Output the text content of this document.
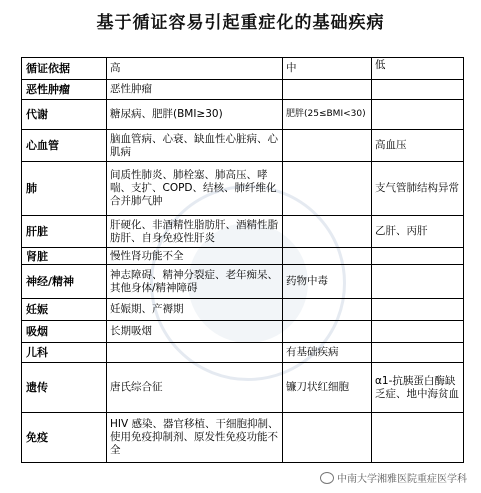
基于循证容易引起重症化的基础疾病
循证依据	高	中	低
恶性肿瘤	恶性肿瘤		
代谢	糖尿病、肥胖(BMI≥30)	肥胖(25≤BMI<30)	
心血管	脑血管病、心衰、缺血性心脏病、心肌病		高血压
肺	间质性肺炎、肺栓塞、肺高压、哮喘、支扩、COPD、结核、肺纤维化合并肺气肿		支气管肺结构异常
肝脏	肝硬化、非酒精性脂肪肝、酒精性脂肪肝、自身免疫性肝炎		乙肝、丙肝
肾脏	慢性肾功能不全		
神经/精神	神志障碍、精神分裂症、老年痴呆、其他身体/精神障碍	药物中毒	
妊娠	妊娠期、产褥期		
吸烟	长期吸烟		
儿科		有基础疾病	
遗传	唐氏综合征	镰刀状红细胞	α1-抗胰蛋白酶缺乏症、地中海贫血
免疫	HIV 感染、器官移植、干细胞抑制、使用免疫抑制剂、原发性免疫功能不全		
中南大学湘雅医院重症医学科
